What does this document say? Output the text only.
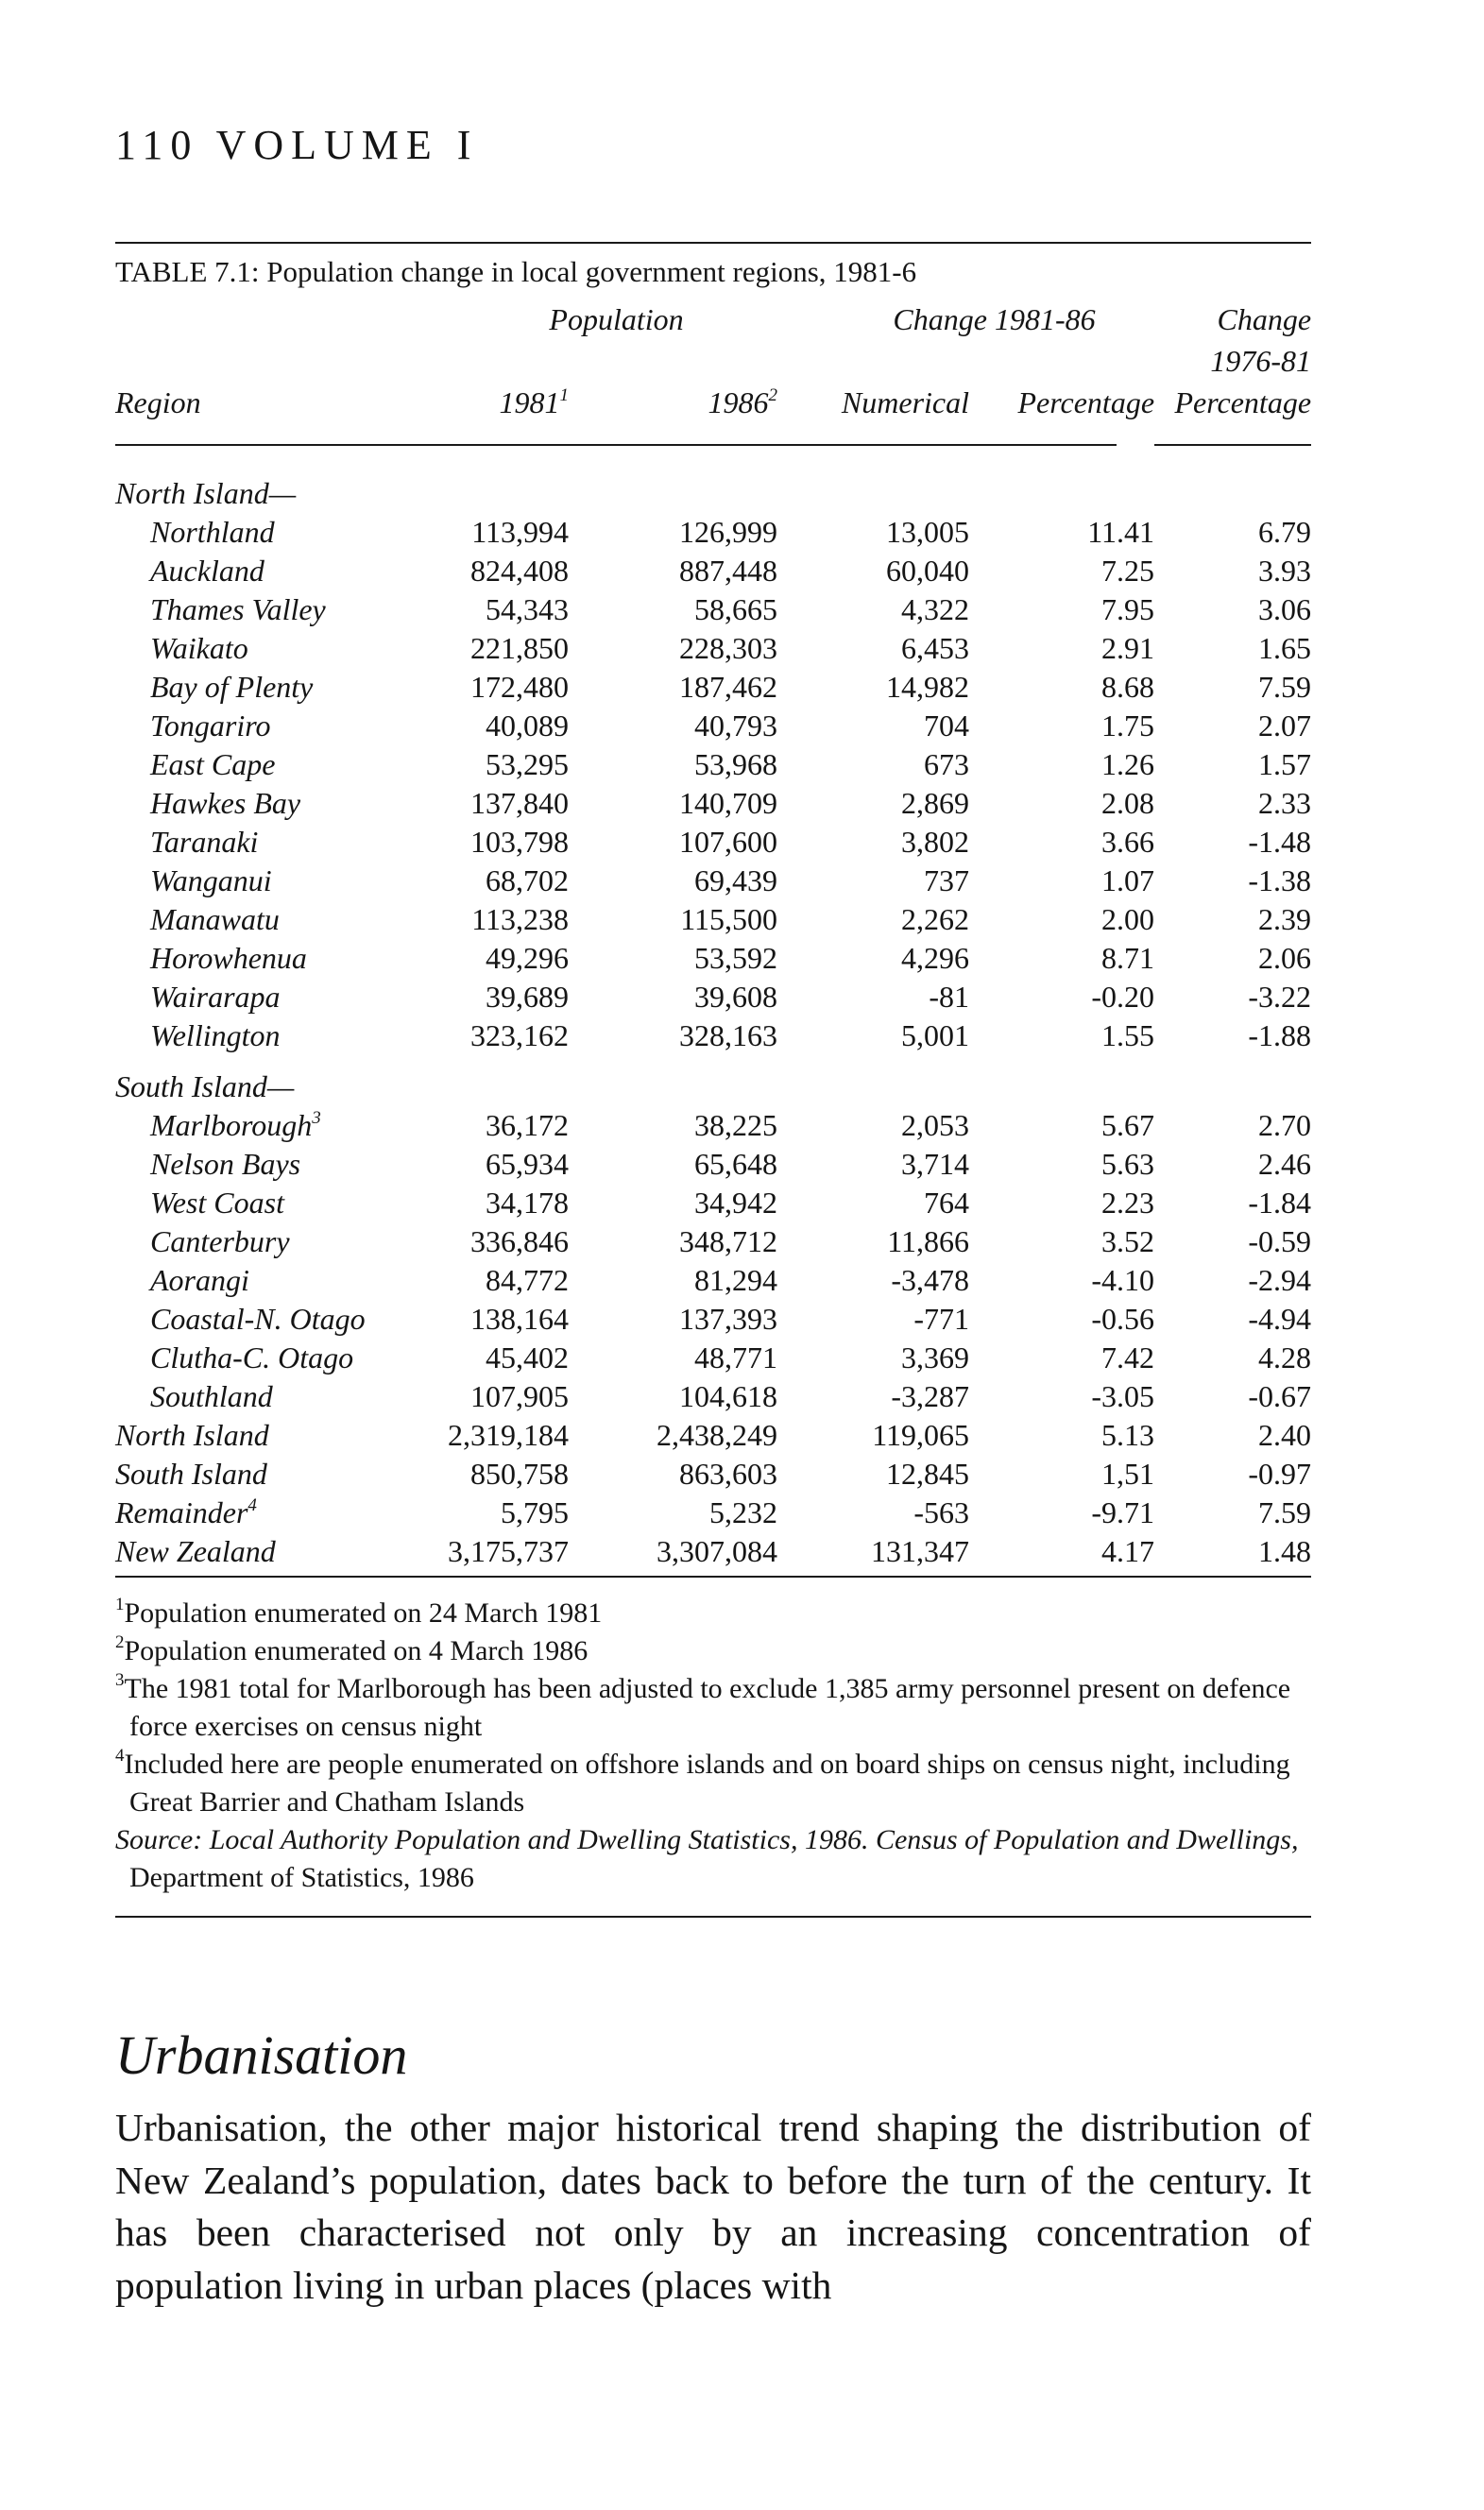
110 VOLUME I

TABLE 7.1: Population change in local government regions, 1981-6

	Population		Change 1981-86		Change
					1976-81
Region	1981$^1$	1986$^2$	Numerical	Percentage	Percentage

North Island—					
Northland	113,994	126,999	13,005	11.41	6.79
Auckland	824,408	887,448	60,040	7.25	3.93
Thames Valley	54,343	58,665	4,322	7.95	3.06
Waikato	221,850	228,303	6,453	2.91	1.65
Bay of Plenty	172,480	187,462	14,982	8.68	7.59
Tongariro	40,089	40,793	704	1.75	2.07
East Cape	53,295	53,968	673	1.26	1.57
Hawkes Bay	137,840	140,709	2,869	2.08	2.33
Taranaki	103,798	107,600	3,802	3.66	-1.48
Wanganui	68,702	69,439	737	1.07	-1.38
Manawatu	113,238	115,500	2,262	2.00	2.39
Horowhenua	49,296	53,592	4,296	8.71	2.06
Wairarapa	39,689	39,608	-81	-0.20	-3.22
Wellington	323,162	328,163	5,001	1.55	-1.88
South Island—					
Marlborough$^3$	36,172	38,225	2,053	5.67	2.70
Nelson Bays	65,934	65,648	3,714	5.63	2.46
West Coast	34,178	34,942	764	2.23	-1.84
Canterbury	336,846	348,712	11,866	3.52	-0.59
Aorangi	84,772	81,294	-3,478	-4.10	-2.94
Coastal-N. Otago	138,164	137,393	-771	-0.56	-4.94
Clutha-C. Otago	45,402	48,771	3,369	7.42	4.28
Southland	107,905	104,618	-3,287	-3.05	-0.67
North Island	2,319,184	2,438,249	119,065	5.13	2.40
South Island	850,758	863,603	12,845	1,51	-0.97
Remainder$^4$	5,795	5,232	-563	-9.71	7.59
New Zealand	3,175,737	3,307,084	131,347	4.17	1.48

$^1$Population enumerated on 24 March 1981

$^2$Population enumerated on 4 March 1986

$^3$The 1981 total for Marlborough has been adjusted to exclude 1,385 army personnel present on defence force exercises on census night

$^4$Included here are people enumerated on offshore islands and on board ships on census night, including Great Barrier and Chatham Islands

Source: Local Authority Population and Dwelling Statistics, 1986. Census of Population and Dwellings, Department of Statistics, 1986

Urbanisation

Urbanisation, the other major historical trend shaping the distribution of New Zealand’s population, dates back to before the turn of the century. It has been characterised not only by an increasing concentration of population living in urban places (places with
